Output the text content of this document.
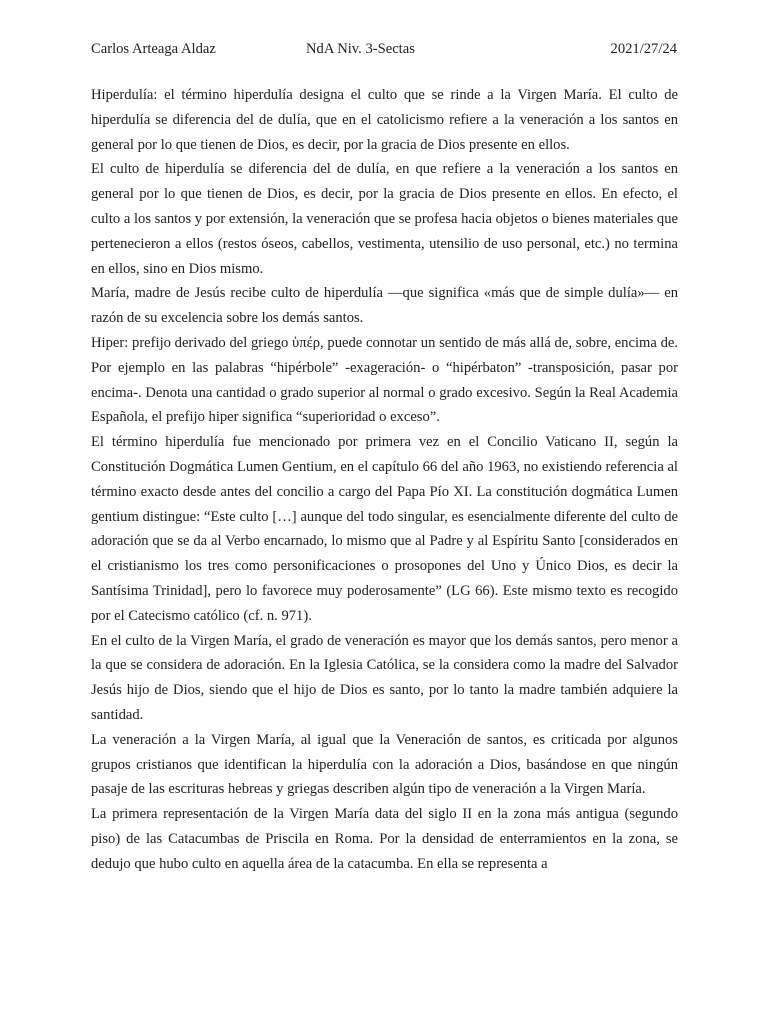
Carlos Arteaga Aldaz	NdA Niv. 3-Sectas	2021/27/24

Hiperdulía: el término hiperdulía designa el culto que se rinde a la Virgen María. El culto de hiperdulía se diferencia del de dulía, que en el catolicismo refiere a la veneración a los santos en general por lo que tienen de Dios, es decir, por la gracia de Dios presente en ellos.

El culto de hiperdulía se diferencia del de dulía, en que refiere a la veneración a los santos en general por lo que tienen de Dios, es decir, por la gracia de Dios presente en ellos. En efecto, el culto a los santos y por extensión, la veneración que se profesa hacia objetos o bienes materiales que pertenecieron a ellos (restos óseos, cabellos, vestimenta, utensilio de uso personal, etc.) no termina en ellos, sino en Dios mismo.

María, madre de Jesús recibe culto de hiperdulía —que significa «más que de simple dulía»— en razón de su excelencia sobre los demás santos.

Hiper: prefijo derivado del griego ὑπέρ, puede connotar un sentido de más allá de, sobre, encima de. Por ejemplo en las palabras “hipérbole” -exageración- o “hipérbaton” -transposición, pasar por encima-. Denota una cantidad o grado superior al normal o grado excesivo. Según la Real Academia Española, el prefijo hiper significa “superioridad o exceso”.

El término hiperdulía fue mencionado por primera vez en el Concilio Vaticano II, según la Constitución Dogmática Lumen Gentium, en el capítulo 66 del año 1963, no existiendo referencia al término exacto desde antes del concilio a cargo del Papa Pío XI. La constitución dogmática Lumen gentium distingue: “Este culto […] aunque del todo singular, es esencialmente diferente del culto de adoración que se da al Verbo encarnado, lo mismo que al Padre y al Espíritu Santo [considerados en el cristianismo los tres como personificaciones o prosopones del Uno y Único Dios, es decir la Santísima Trinidad], pero lo favorece muy poderosamente” (LG 66). Este mismo texto es recogido por el Catecismo católico (cf. n. 971).

En el culto de la Virgen María, el grado de veneración es mayor que los demás santos, pero menor a la que se considera de adoración. En la Iglesia Católica, se la considera como la madre del Salvador Jesús hijo de Dios, siendo que el hijo de Dios es santo, por lo tanto la madre también adquiere la santidad.

La veneración a la Virgen María, al igual que la Veneración de santos, es criticada por algunos grupos cristianos que identifican la hiperdulía con la adoración a Dios, basándose en que ningún pasaje de las escrituras hebreas y griegas describen algún tipo de veneración a la Virgen María.

La primera representación de la Virgen María data del siglo II en la zona más antigua (segundo piso) de las Catacumbas de Priscila en Roma. Por la densidad de enterramientos en la zona, se dedujo que hubo culto en aquella área de la catacumba. En ella se representa a
